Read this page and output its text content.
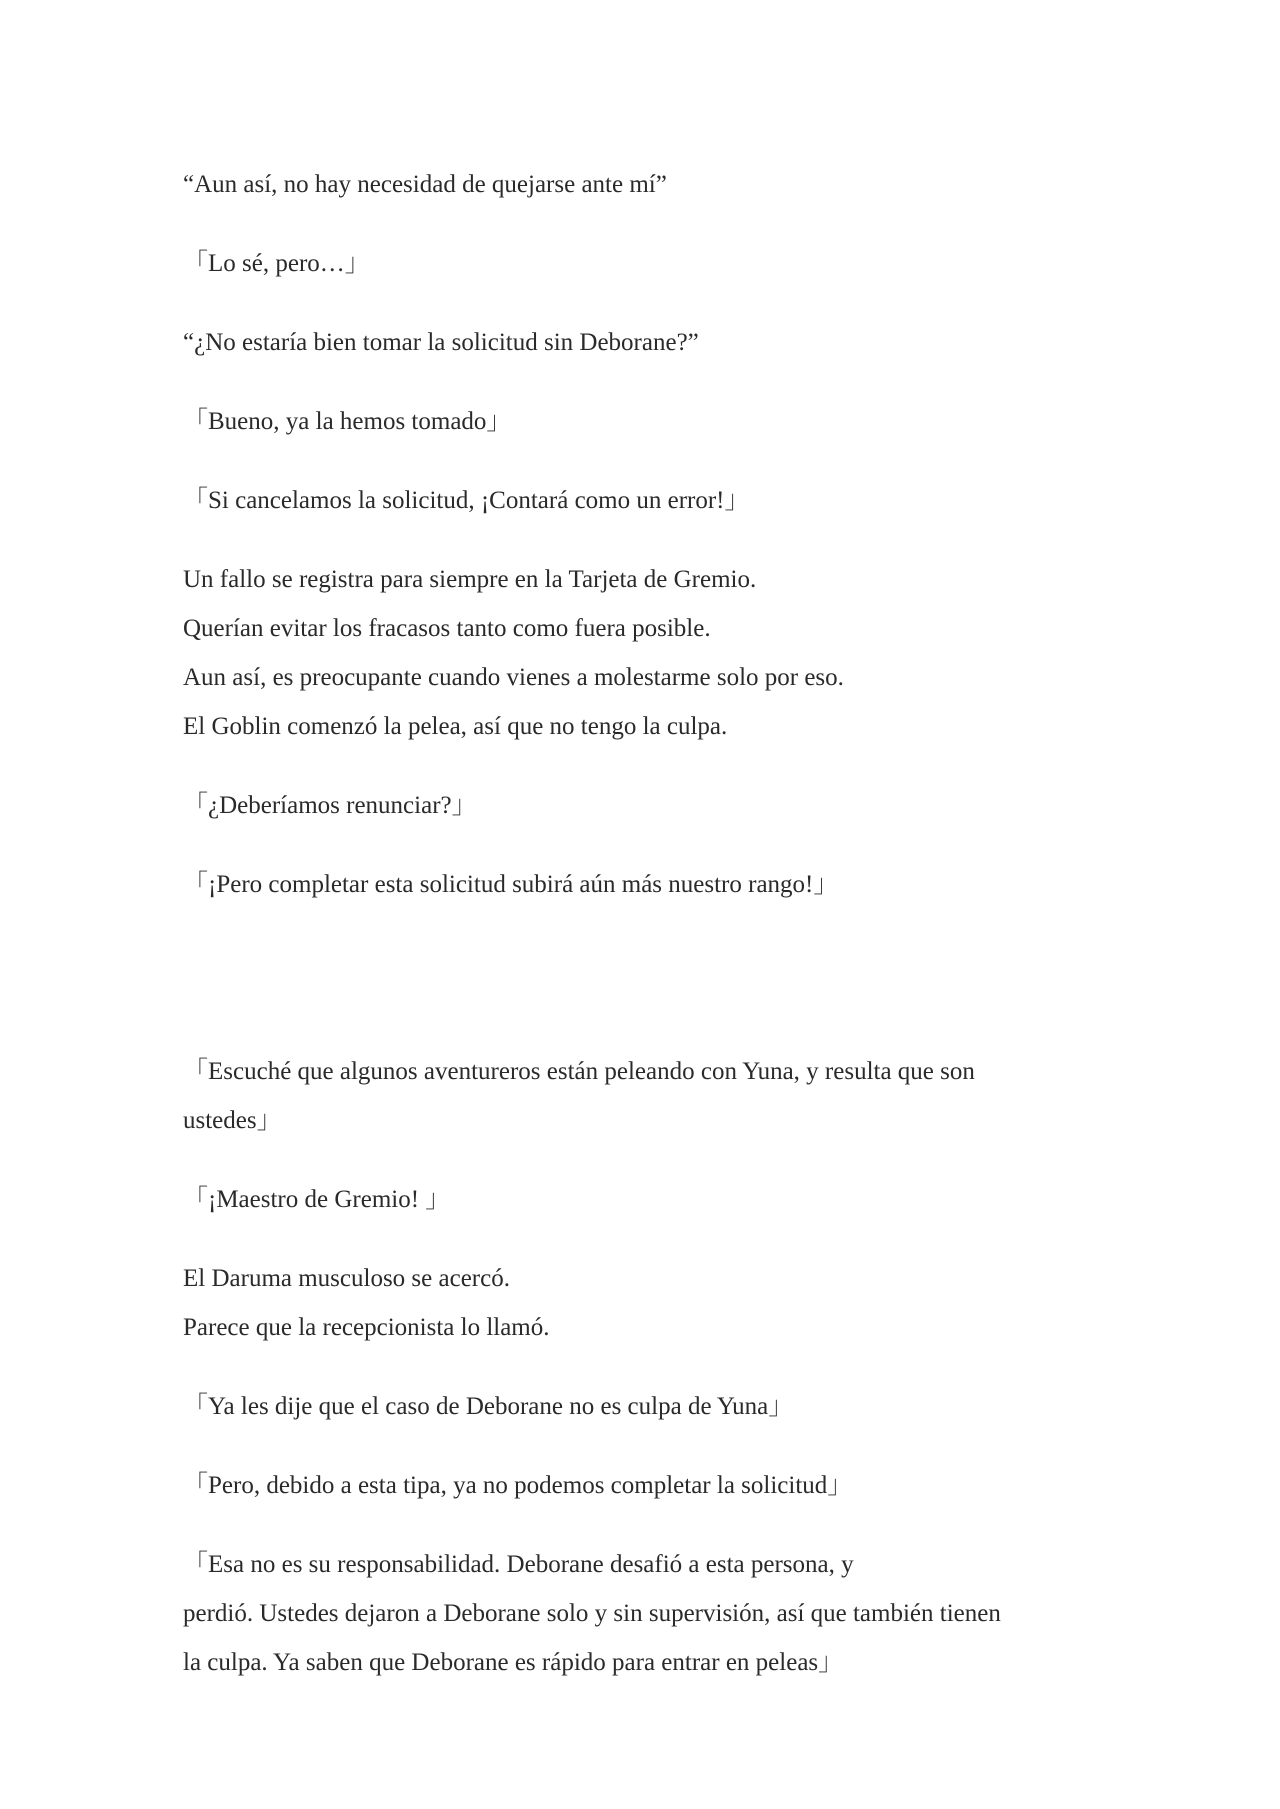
“Aun así, no hay necesidad de quejarse ante mí”

「Lo sé, pero…」

“¿No estaría bien tomar la solicitud sin Deborane?”

「Bueno, ya la hemos tomado」

「Si cancelamos la solicitud, ¡Contará como un error!」

Un fallo se registra para siempre en la Tarjeta de Gremio.
Querían evitar los fracasos tanto como fuera posible.
Aun así, es preocupante cuando vienes a molestarme solo por eso.
El Goblin comenzó la pelea, así que no tengo la culpa.

「¿Deberíamos renunciar?」

「¡Pero completar esta solicitud subirá aún más nuestro rango!」

「Escuché que algunos aventureros están peleando con Yuna, y resulta que son
ustedes」

「¡Maestro de Gremio! 」

El Daruma musculoso se acercó.
Parece que la recepcionista lo llamó.

「Ya les dije que el caso de Deborane no es culpa de Yuna」

「Pero, debido a esta tipa, ya no podemos completar la solicitud」

「Esa no es su responsabilidad. Deborane desafió a esta persona, y
perdió. Ustedes dejaron a Deborane solo y sin supervisión, así que también tienen
la culpa. Ya saben que Deborane es rápido para entrar en peleas」
